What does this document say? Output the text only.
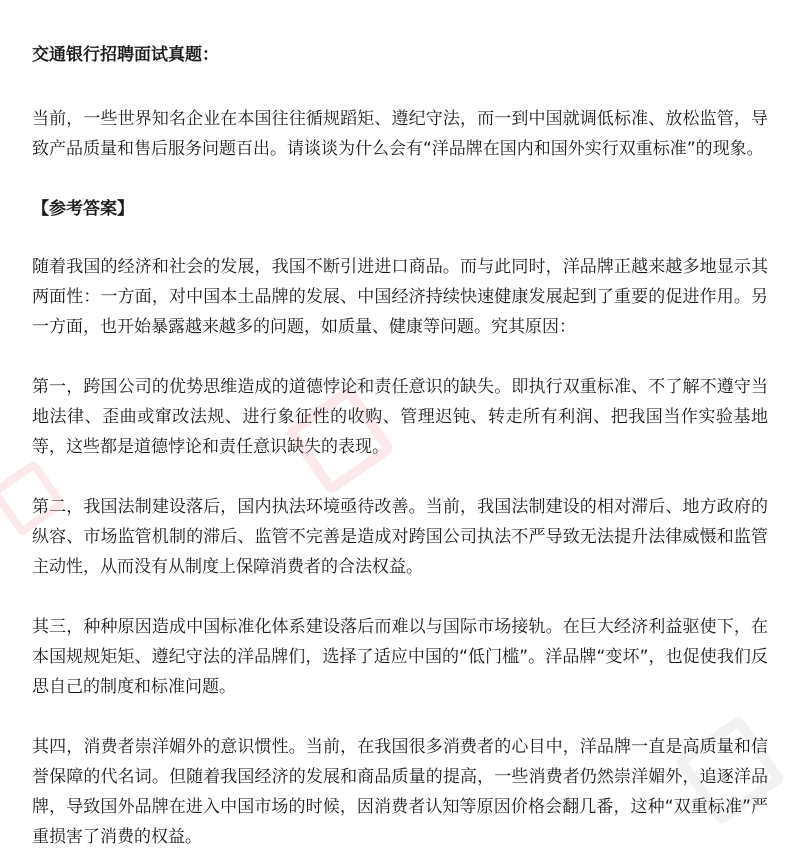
交通银行招聘面试真题：

当前，一些世界知名企业在本国往往循规蹈矩、遵纪守法，而一到中国就调低标准、放松监管，导致产品质量和售后服务问题百出。请谈谈为什么会有“洋品牌在国内和国外实行双重标准”的现象。

【参考答案】

随着我国的经济和社会的发展，我国不断引进进口商品。而与此同时，洋品牌正越来越多地显示其两面性：一方面，对中国本土品牌的发展、中国经济持续快速健康发展起到了重要的促进作用。另一方面，也开始暴露越来越多的问题，如质量、健康等问题。究其原因：

第一，跨国公司的优势思维造成的道德悖论和责任意识的缺失。即执行双重标准、不了解不遵守当地法律、歪曲或窜改法规、进行象征性的收购、管理迟钝、转走所有利润、把我国当作实验基地等，这些都是道德悖论和责任意识缺失的表现。

第二，我国法制建设落后，国内执法环境亟待改善。当前，我国法制建设的相对滞后、地方政府的纵容、市场监管机制的滞后、监管不完善是造成对跨国公司执法不严导致无法提升法律威慑和监管主动性，从而没有从制度上保障消费者的合法权益。

其三，种种原因造成中国标准化体系建设落后而难以与国际市场接轨。在巨大经济利益驱使下，在本国规规矩矩、遵纪守法的洋品牌们，选择了适应中国的“低门槛”。洋品牌“变坏”，也促使我们反思自己的制度和标准问题。

其四，消费者崇洋媚外的意识惯性。当前，在我国很多消费者的心目中，洋品牌一直是高质量和信誉保障的代名词。但随着我国经济的发展和商品质量的提高，一些消费者仍然崇洋媚外，追逐洋品牌，导致国外品牌在进入中国市场的时候，因消费者认知等原因价格会翻几番，这种“双重标准”严重损害了消费的权益。
